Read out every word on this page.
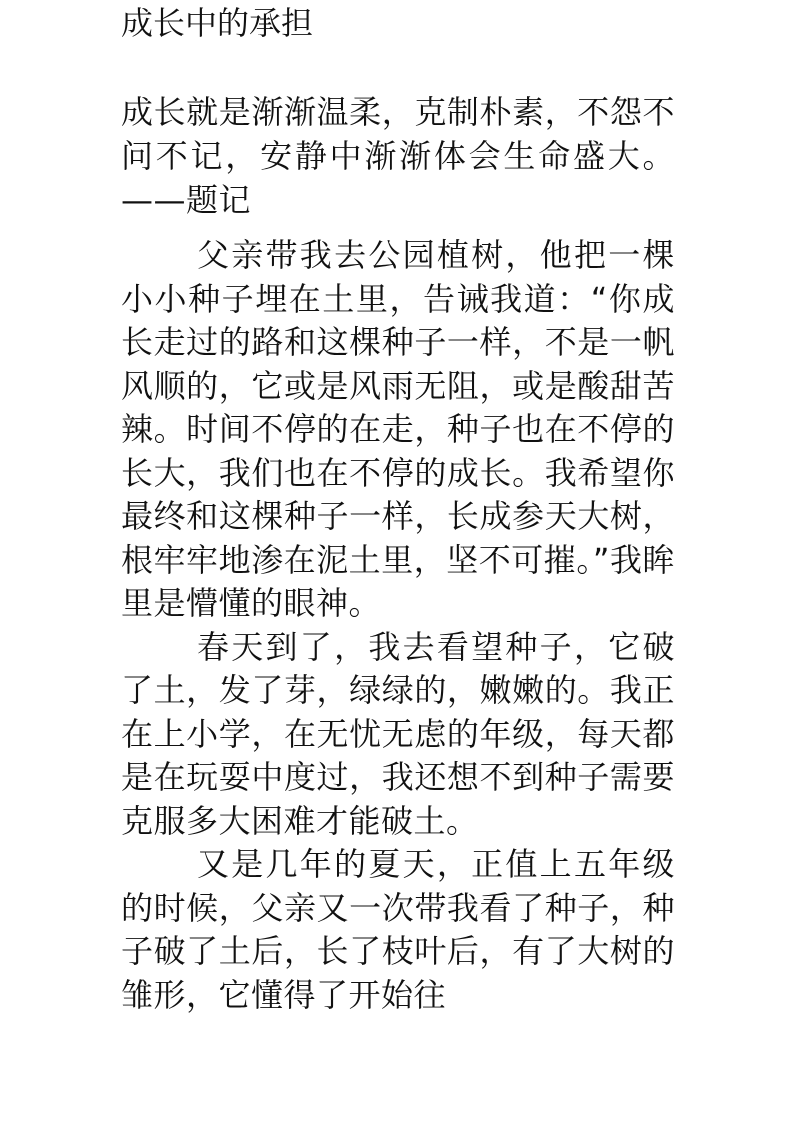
成长中的承担

成长就是渐渐温柔，克制朴素，不怨不问不记，安静中渐渐体会生命盛大。——题记

父亲带我去公园植树，他把一棵小小种子埋在土里，告诫我道：“你成长走过的路和这棵种子一样，不是一帆风顺的，它或是风雨无阻，或是酸甜苦辣。时间不停的在走，种子也在不停的长大，我们也在不停的成长。我希望你最终和这棵种子一样，长成参天大树，根牢牢地渗在泥土里，坚不可摧。”我眸里是懵懂的眼神。

春天到了，我去看望种子，它破了土，发了芽，绿绿的，嫩嫩的。我正在上小学，在无忧无虑的年级，每天都是在玩耍中度过，我还想不到种子需要克服多大困难才能破土。

又是几年的夏天，正值上五年级的时候，父亲又一次带我看了种子，种子破了土后，长了枝叶后，有了大树的雏形，它懂得了开始往
